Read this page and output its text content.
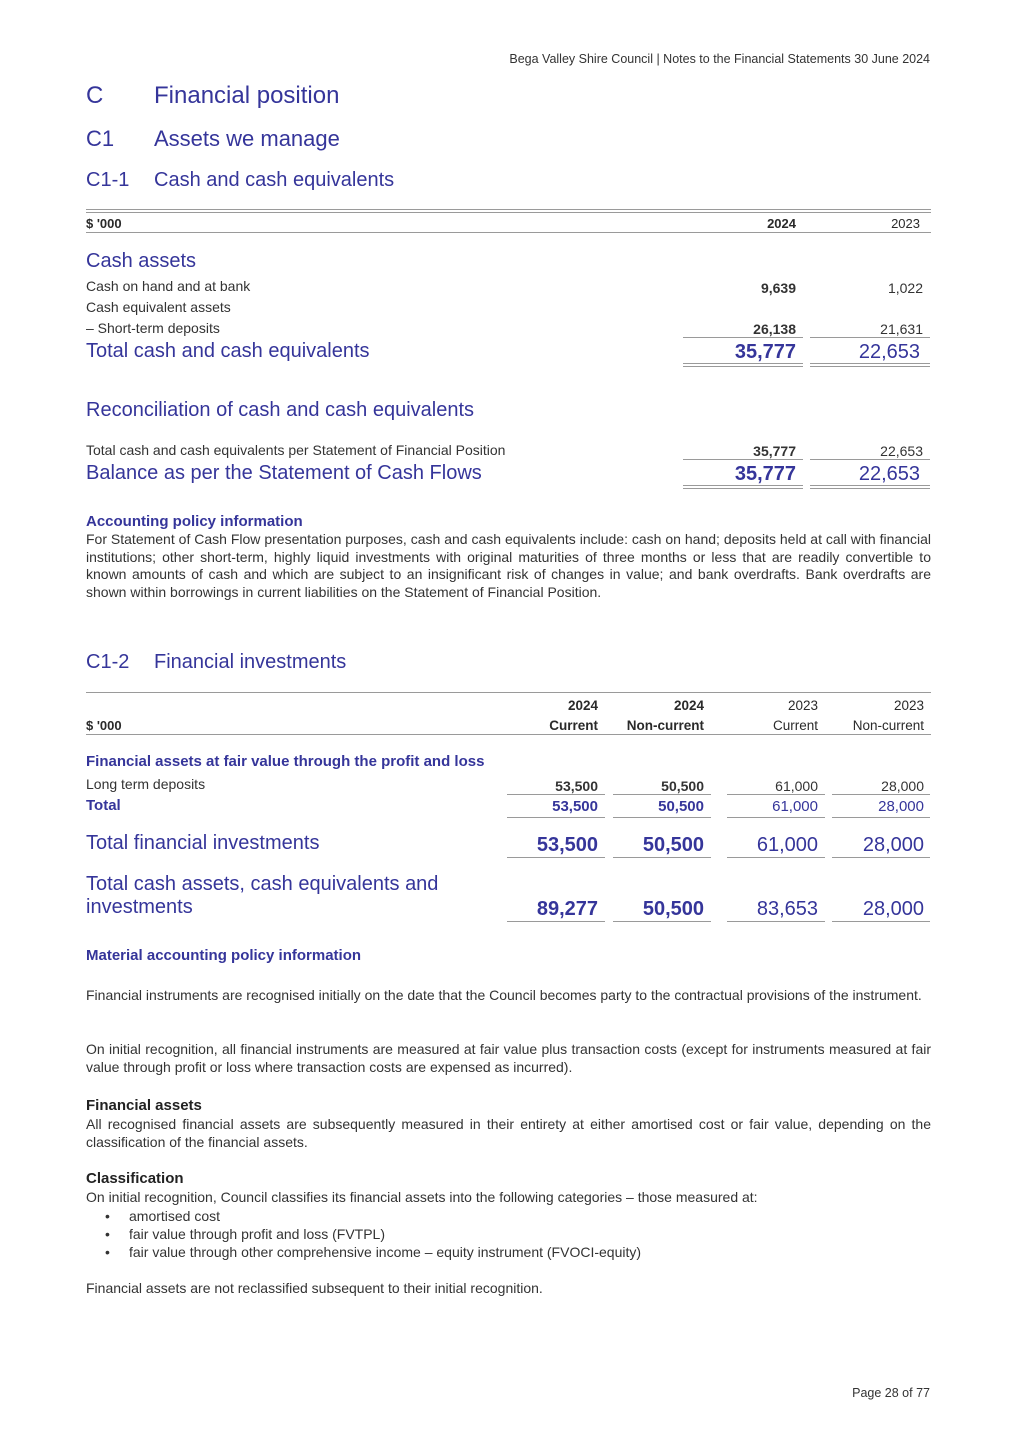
Bega Valley Shire Council | Notes to the Financial Statements 30 June 2024
C Financial position
C1 Assets we manage
C1-1 Cash and cash equivalents
$ '000	2024	2023
Cash assets
Cash on hand and at bank	9,639	1,022
Cash equivalent assets
– Short-term deposits	26,138	21,631
Total cash and cash equivalents	35,777	22,653
Reconciliation of cash and cash equivalents
Total cash and cash equivalents per Statement of Financial Position	35,777	22,653
Balance as per the Statement of Cash Flows	35,777	22,653
Accounting policy information
For Statement of Cash Flow presentation purposes, cash and cash equivalents include: cash on hand; deposits held at call with financial institutions; other short-term, highly liquid investments with original maturities of three months or less that are readily convertible to known amounts of cash and which are subject to an insignificant risk of changes in value; and bank overdrafts. Bank overdrafts are shown within borrowings in current liabilities on the Statement of Financial Position.
C1-2 Financial investments
2024	2024	2023	2023
$ '000	Current	Non-current	Current	Non-current
Financial assets at fair value through the profit and loss
Long term deposits	53,500	50,500	61,000	28,000
Total	53,500	50,500	61,000	28,000
Total financial investments	53,500	50,500	61,000	28,000
Total cash assets, cash equivalents and
investments	89,277	50,500	83,653	28,000
Material accounting policy information
Financial instruments are recognised initially on the date that the Council becomes party to the contractual provisions of the instrument.
On initial recognition, all financial instruments are measured at fair value plus transaction costs (except for instruments measured at fair value through profit or loss where transaction costs are expensed as incurred).
Financial assets
All recognised financial assets are subsequently measured in their entirety at either amortised cost or fair value, depending on the classification of the financial assets.
Classification
On initial recognition, Council classifies its financial assets into the following categories – those measured at:
• amortised cost
• fair value through profit and loss (FVTPL)
• fair value through other comprehensive income – equity instrument (FVOCI-equity)
Financial assets are not reclassified subsequent to their initial recognition.
Page 28 of 77
